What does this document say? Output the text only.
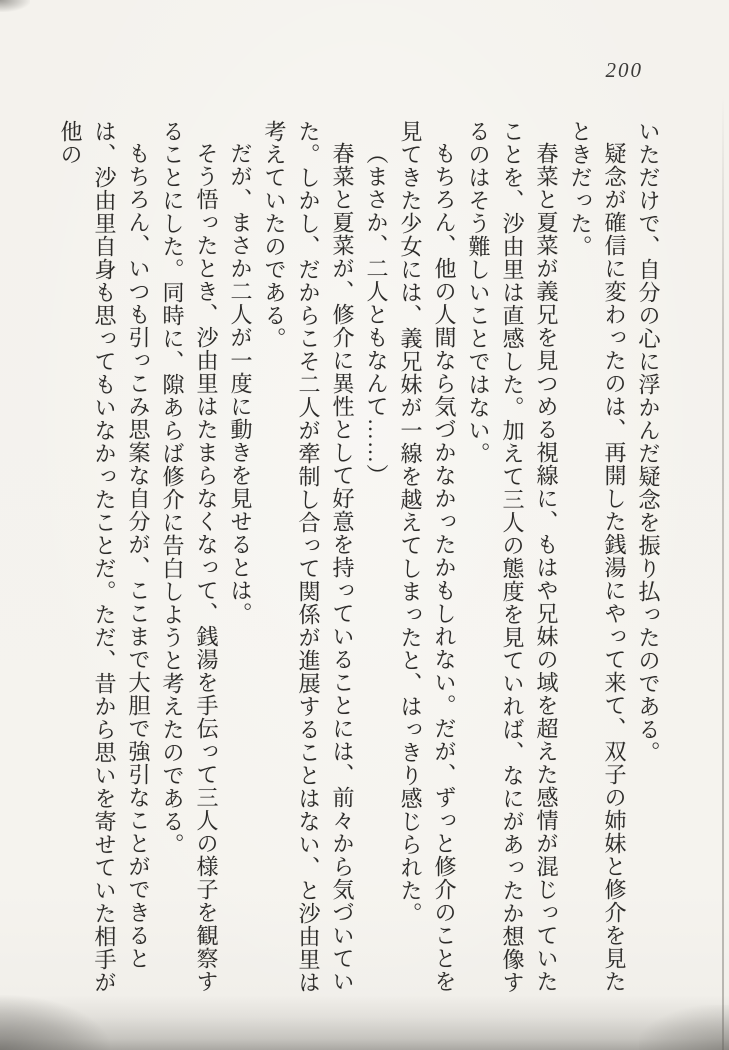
200

いただけで、自分の心に浮かんだ疑念を振り払ったのである。

疑念が確信に変わったのは、再開した銭湯にやって来て、双子の姉妹と修介を見たときだった。

春菜と夏菜が義兄を見つめる視線に、もはや兄妹の域を超えた感情が混じっていたことを、沙由里は直感した。加えて三人の態度を見ていれば、なにがあったか想像するのはそう難しいことではない。

もちろん、他の人間なら気づかなかったかもしれない。だが、ずっと修介のことを見てきた少女には、義兄妹が一線を越えてしまったと、はっきり感じられた。

（まさか、二人ともなんて……）

春菜と夏菜が、修介に異性として好意を持っていることには、前々から気づいていた。しかし、だからこそ二人が牽制し合って関係が進展することはない、と沙由里は考えていたのである。

だが、まさか二人が一度に動きを見せるとは。

そう悟ったとき、沙由里はたまらなくなって、銭湯を手伝って三人の様子を観察することにした。同時に、隙あらば修介に告白しようと考えたのである。

もちろん、いつも引っこみ思案な自分が、ここまで大胆で強引なことができるとは、沙由里自身も思ってもいなかったことだ。ただ、昔から思いを寄せていた相手が他の
